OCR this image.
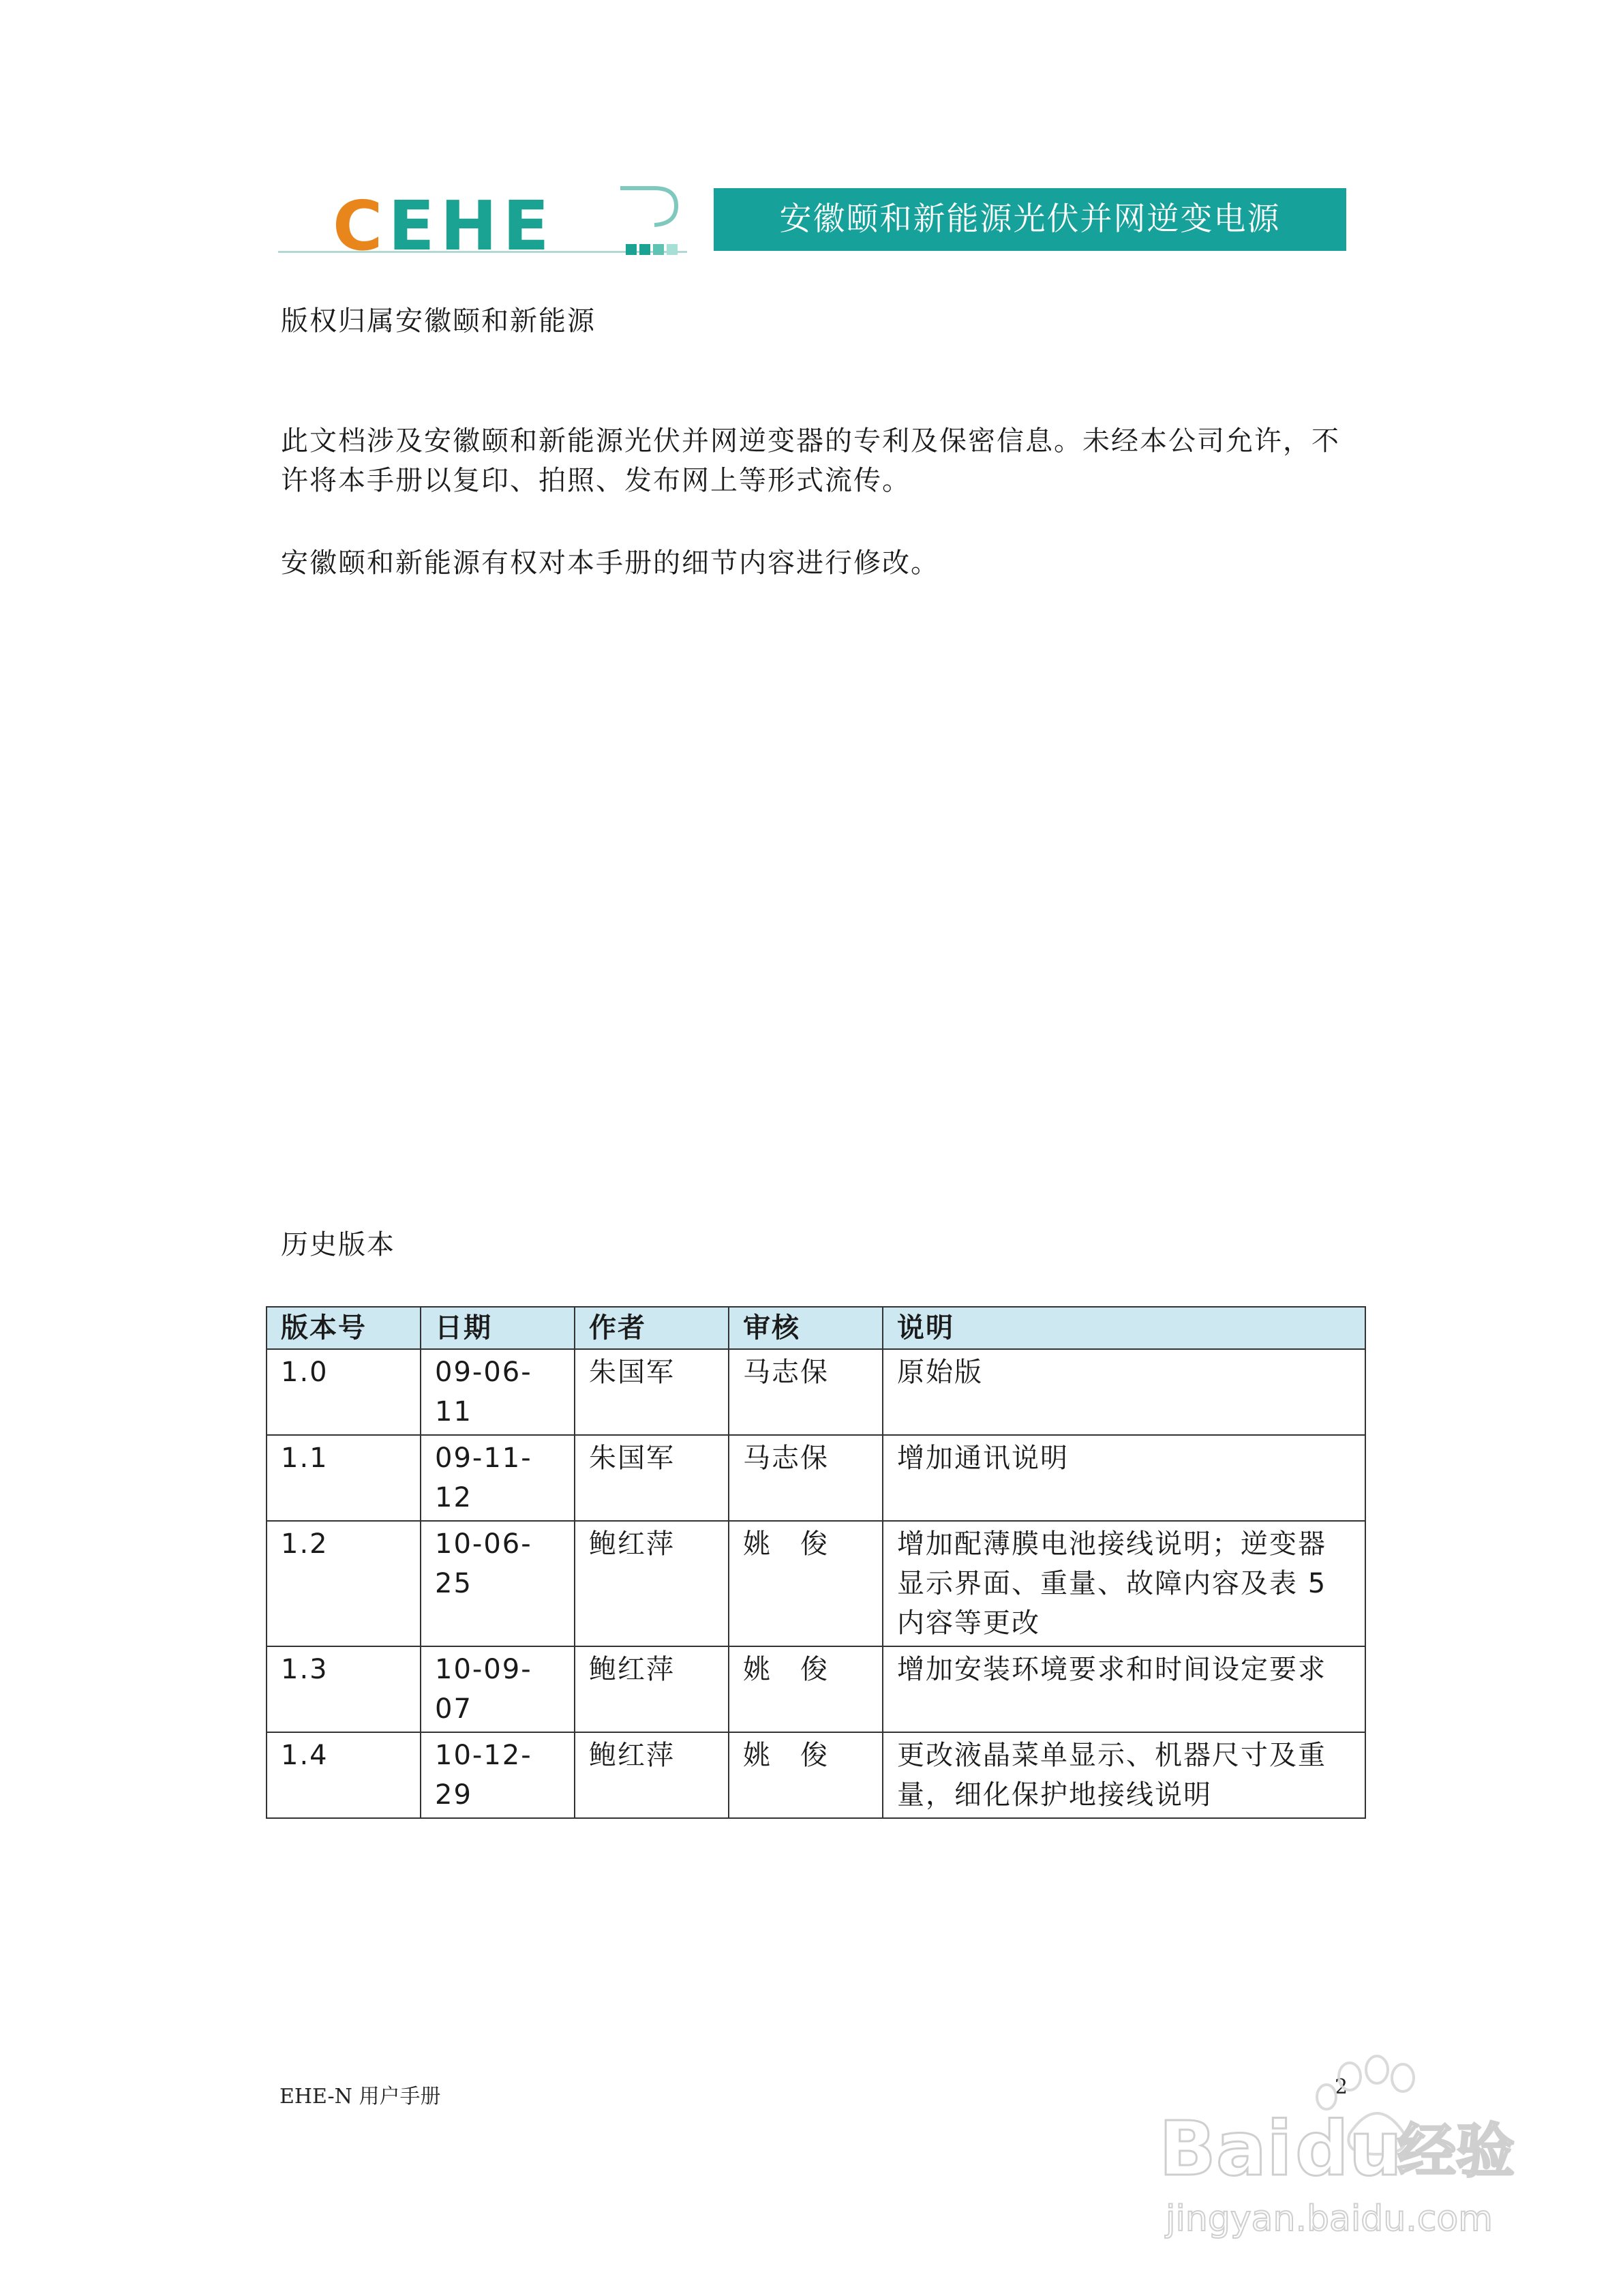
CEHE	安徽颐和新能源光伏并网逆变电源

版权归属安徽颐和新能源

此文档涉及安徽颐和新能源光伏并网逆变器的专利及保密信息。未经本公司允许，不许将本手册以复印、拍照、发布网上等形式流传。

安徽颐和新能源有权对本手册的细节内容进行修改。

历史版本

版本号	日期	作者	审核	说明
1.0	09-06-11	朱国军	马志保	原始版
1.1	09-11-12	朱国军	马志保	增加通讯说明
1.2	10-06-25	鲍红萍	姚　俊	增加配薄膜电池接线说明；逆变器显示界面、重量、故障内容及表 5 内容等更改
1.3	10-09-07	鲍红萍	姚　俊	增加安装环境要求和时间设定要求
1.4	10-12-29	鲍红萍	姚　俊	更改液晶菜单显示、机器尺寸及重量，细化保护地接线说明
EHE-N 用户手册	2
Bai du
经验
jingyan.baidu.com
